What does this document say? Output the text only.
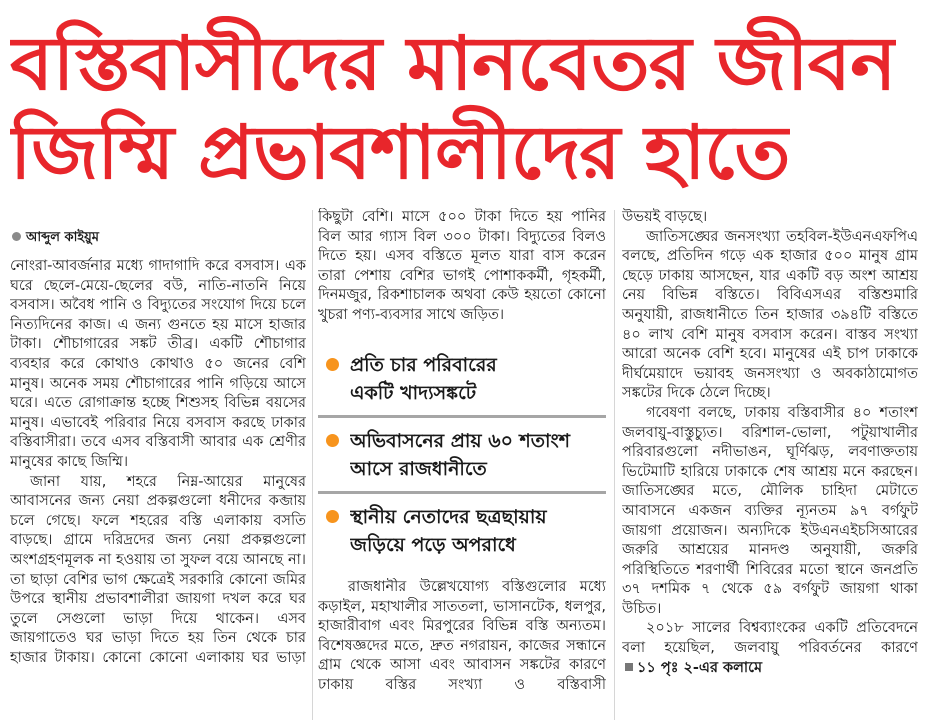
বস্তিবাসীদের মানবেতর জীবন
জিম্মি প্রভাবশালীদের হাতে
আব্দুল কাইয়ুম

নোংরা-আবর্জনার মধ্যে গাদাগাদি করে বসবাস। এক ঘরে ছেলে-মেয়ে-ছেলের বউ, নাতি-নাতনি নিয়ে বসবাস। অবৈধ পানি ও বিদ্যুতের সংযোগ দিয়ে চলে নিত্যদিনের কাজ। এ জন্য গুনতে হয় মাসে হাজার টাকা। শৌচাগারের সঙ্কট তীব্র। একটি শৌচাগার ব্যবহার করে কোথাও কোথাও ৫০ জনের বেশি মানুষ। অনেক সময় শৌচাগারের পানি গড়িয়ে আসে ঘরে। এতে রোগাক্রান্ত হচ্ছে শিশুসহ বিভিন্ন বয়সের মানুষ। এভাবেই পরিবার নিয়ে বসবাস করছে ঢাকার বস্তিবাসীরা। তবে এসব বস্তিবাসী আবার এক শ্রেণীর মানুষের কাছে জিম্মি।

জানা যায়, শহরে নিম্ন-আয়ের মানুষের আবাসনের জন্য নেয়া প্রকল্পগুলো ধনীদের কব্জায় চলে গেছে। ফলে শহরের বস্তি এলাকায় বসতি বাড়ছে। গ্রামে দরিদ্রদের জন্য নেয়া প্রকল্পগুলো অংশগ্রহণমূলক না হওয়ায় তা সুফল বয়ে আনছে না। তা ছাড়া বেশির ভাগ ক্ষেত্রেই সরকারি কোনো জমির উপরে স্থানীয় প্রভাবশালীরা জায়গা দখল করে ঘর তুলে সেগুলো ভাড়া দিয়ে থাকেন। এসব জায়গাতেও ঘর ভাড়া দিতে হয় তিন থেকে চার হাজার টাকায়। কোনো কোনো এলাকায় ঘর ভাড়া

কিছুটা বেশি। মাসে ৫০০ টাকা দিতে হয় পানির বিল আর গ্যাস বিল ৩০০ টাকা। বিদ্যুতের বিলও দিতে হয়। এসব বস্তিতে মূলত যারা বাস করেন তারা পেশায় বেশির ভাগই পোশাককর্মী, গৃহকর্মী, দিনমজুর, রিকশাচালক অথবা কেউ হয়তো কোনো খুচরা পণ্য-ব্যবসার সাথে জড়িত।

প্রতি চার পরিবারের
একটি খাদ্যসঙ্কটে
অভিবাসনের প্রায় ৬০ শতাংশ
আসে রাজধানীতে
স্থানীয় নেতাদের ছত্রছায়ায়
জড়িয়ে পড়ে অপরাধে

রাজধানীর উল্লেখযোগ্য বস্তিগুলোর মধ্যে কড়াইল, মহাখালীর সাততলা, ভাসানটেক, ধলপুর, হাজারীবাগ এবং মিরপুরের বিভিন্ন বস্তি অন্যতম। বিশেষজ্ঞদের মতে, দ্রুত নগরায়ন, কাজের সন্ধানে গ্রাম থেকে আসা এবং আবাসন সঙ্কটের কারণে ঢাকায় বস্তির সংখ্যা ও বস্তিবাসী

উভয়ই বাড়ছে।

জাতিসঙ্ঘের জনসংখ্যা তহবিল-ইউএনএফপিএ বলছে, প্রতিদিন গড়ে এক হাজার ৫০০ মানুষ গ্রাম ছেড়ে ঢাকায় আসছেন, যার একটি বড় অংশ আশ্রয় নেয় বিভিন্ন বস্তিতে। বিবিএসএর বস্তিশুমারি অনুযায়ী, রাজধানীতে তিন হাজার ৩৯৪টি বস্তিতে ৪০ লাখ বেশি মানুষ বসবাস করেন। বাস্তব সংখ্যা আরো অনেক বেশি হবে। মানুষের এই চাপ ঢাকাকে দীর্ঘমেয়াদে ভয়াবহ জনসংখ্যা ও অবকাঠামোগত সঙ্কটের দিকে ঠেলে দিচ্ছে।

গবেষণা বলছে, ঢাকায় বস্তিবাসীর ৪০ শতাংশ জলবায়ু-বাস্তুচ্যুত। বরিশাল-ভোলা, পটুয়াখালীর পরিবারগুলো নদীভাঙন, ঘূর্ণিঝড়, লবণাক্ততায় ভিটেমাটি হারিয়ে ঢাকাকে শেষ আশ্রয় মনে করছেন। জাতিসঙ্ঘের মতে, মৌলিক চাহিদা মেটাতে আবাসনে একজন ব্যক্তির ন্যূনতম ৯৭ বর্গফুট জায়গা প্রয়োজন। অন্যদিকে ইউএনএইচসিআরের জরুরি আশ্রয়ের মানদণ্ড অনুযায়ী, জরুরি পরিস্থিতিতে শরণার্থী শিবিরের মতো স্থানে জনপ্রতি ৩৭ দশমিক ৭ থেকে ৫৯ বর্গফুট জায়গা থাকা উচিত।

২০১৮ সালের বিশ্বব্যাংকের একটি প্রতিবেদনে বলা হয়েছিল, জলবায়ু পরিবর্তনের কারণে ১১ পৃঃ ২-এর কলামে
